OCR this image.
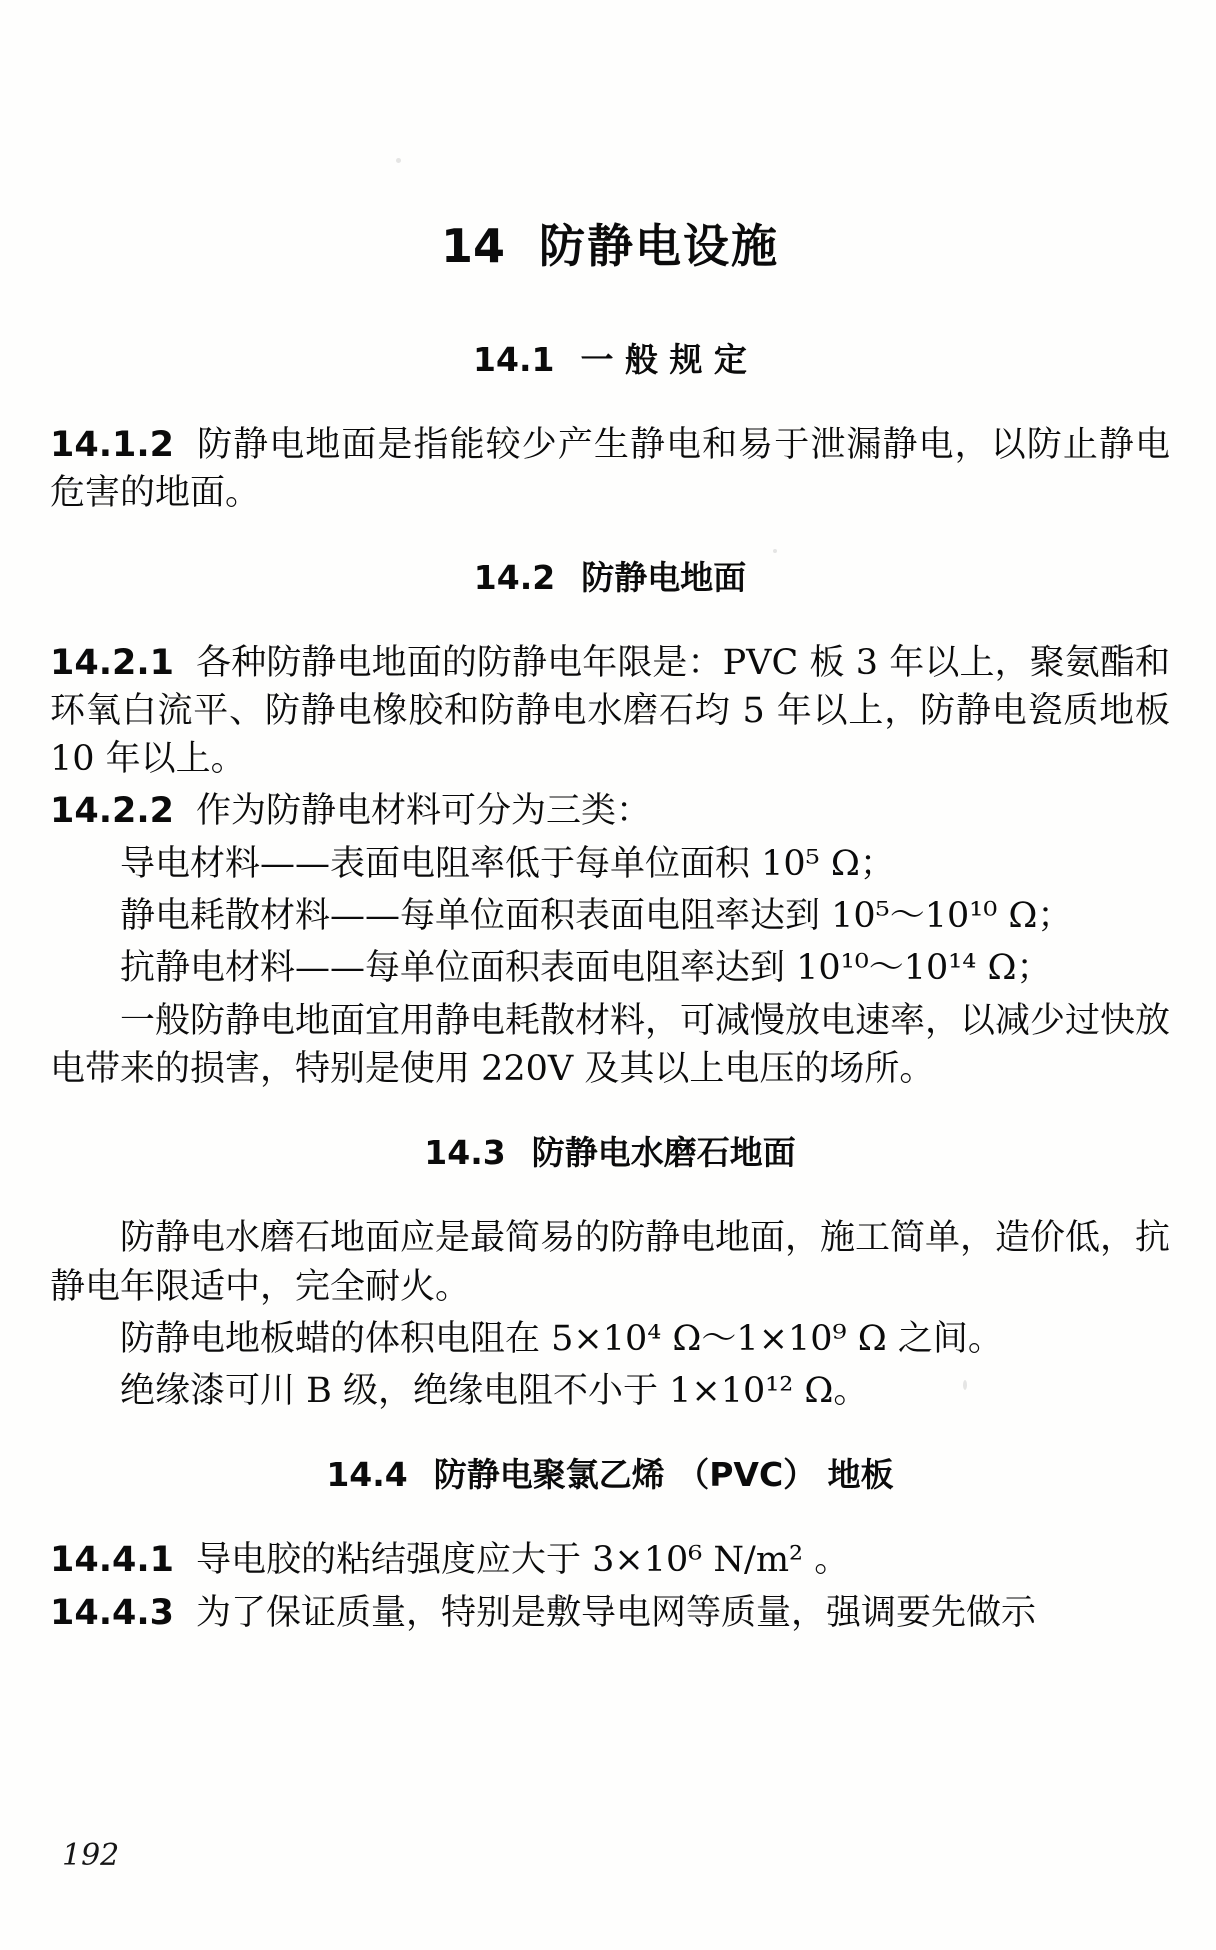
14 防静电设施
14.1 一 般 规 定

14.1.2 防静电地面是指能较少产生静电和易于泄漏静电，以防止静电危害的地面。

14.2 防静电地面

14.2.1 各种防静电地面的防静电年限是：PVC 板 3 年以上，聚氨酯和环氧白流平、防静电橡胶和防静电水磨石均 5 年以上，防静电瓷质地板 10 年以上。

14.2.2 作为防静电材料可分为三类：

导电材料——表面电阻率低于每单位面积 10⁵ Ω；

静电耗散材料——每单位面积表面电阻率达到 10⁵～10¹⁰ Ω；

抗静电材料——每单位面积表面电阻率达到 10¹⁰～10¹⁴ Ω；

一般防静电地面宜用静电耗散材料，可减慢放电速率，以减少过快放电带来的损害，特别是使用 220V 及其以上电压的场所。

14.3 防静电水磨石地面

防静电水磨石地面应是最简易的防静电地面，施工简单，造价低，抗静电年限适中，完全耐火。

防静电地板蜡的体积电阻在 5×10⁴ Ω～1×10⁹ Ω 之间。

绝缘漆可川 B 级，绝缘电阻不小于 1×10¹² Ω。

14.4 防静电聚氯乙烯 （PVC） 地板

14.4.1 导电胶的粘结强度应大于 3×10⁶ N/m² 。

14.4.3 为了保证质量，特别是敷导电网等质量，强调要先做示

192
